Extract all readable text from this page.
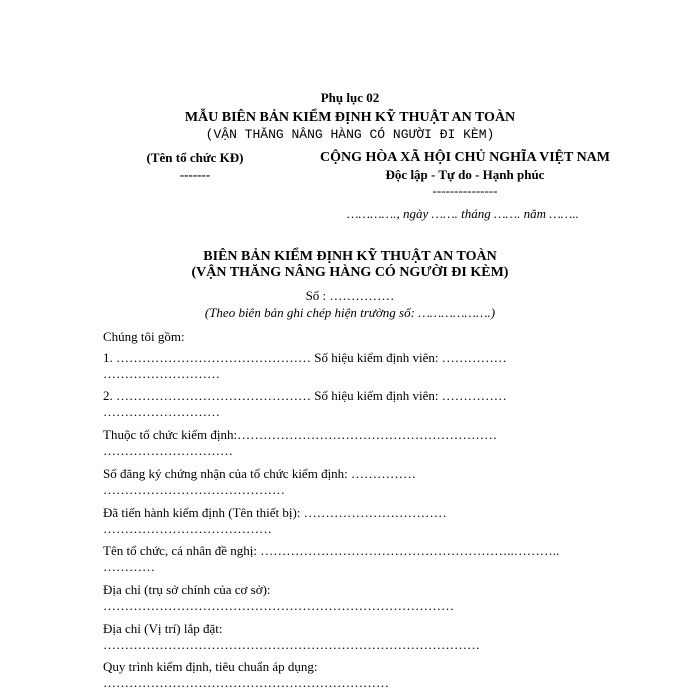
Phụ lục 02
MẪU BIÊN BẢN KIỂM ĐỊNH KỸ THUẬT AN TOÀN
(VẬN THĂNG NÂNG HÀNG CÓ NGƯỜI ĐI KÈM)
(Tên tổ chức KĐ)
-------
CỘNG HÒA XÃ HỘI CHỦ NGHĨA VIỆT NAM
Độc lập - Tự do - Hạnh phúc
---------------
…………., ngày ……. tháng ……. năm ……..
BIÊN BẢN KIỂM ĐỊNH KỸ THUẬT AN TOÀN
(VẬN THĂNG NÂNG HÀNG CÓ NGƯỜI ĐI KÈM)
Số : ……………
(Theo biên bản ghi chép hiện trường số: ……………….)
Chúng tôi gồm:
1. ……………………………………… Số hiệu kiểm định viên: ……………
………………………
2. ……………………………………… Số hiệu kiểm định viên: ……………
………………………
Thuộc tổ chức kiểm định:……………………………………………………
…………………………
Số đăng ký chứng nhận của tổ chức kiểm định: ……………
……………………………………
Đã tiến hành kiểm định (Tên thiết bị): ……………………………
…………………………………
Tên tổ chức, cá nhân đề nghị: …………………………………………………..………..
…………
Địa chỉ (trụ sở chính của cơ sở):
………………………………………………………………………
Địa chỉ (Vị trí) lắp đặt:
……………………………………………………………………………
Quy trình kiểm định, tiêu chuẩn áp dụng:
…………………………………………………………
